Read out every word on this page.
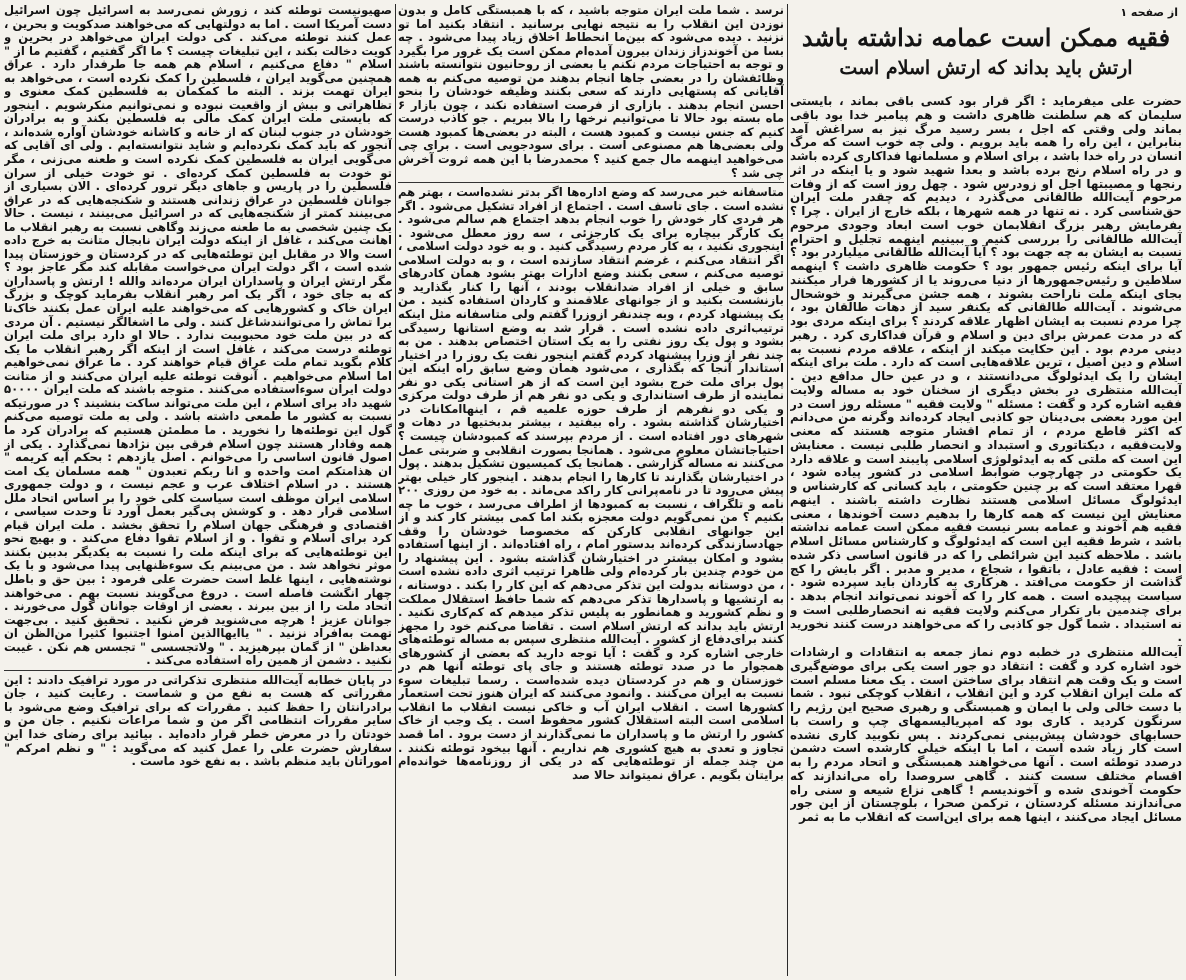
از صفحه ۱
فقیه ممکن است عمامه نداشته باشد
ارتش باید بداند که ارتش اسلام است

حضرت علی میفرماید : اگر قرار بود کسی باقی بماند ، بایستی سلیمان که هم سلطنت ظاهری داشت و هم پیامبر خدا بود باقی بماند ولی وقتی که اجل ، بسر رسید مرگ نیز به سراغش آمد بنابراین ، این راه را همه باید برویم . ولی چه خوب است که مرگ انسان در راه خدا باشد ، برای اسلام و مسلمانها فداکاری کرده باشد و در راه اسلام رنج برده باشد و بعدا شهید شود و یا اینکه در اثر رنجها و مصیبتها اجل او زودرس شود . چهل روز است که از وفات مرحوم آیت‌الله طالقانی می‌گذرد ، دیدیم که چقدر ملت ایران حق‌شناسی کرد . نه تنها در همه شهرها ، بلکه خارج از ایران . چرا ؟ بفرمایش رهبر بزرگ انقلابمان خوب است ابعاد وجودی مرحوم آیت‌الله طالقانی را بررسی کنیم و ببینیم اینهمه تجلیل و احترام نسبت به ایشان به چه جهت بود ؟ آیا آیت‌الله طالقانی میلیاردر بود ؟ آیا برای اینکه رئیس جمهور بود ؟ حکومت ظاهری داشت ؟ اینهمه سلاطین و رئیس‌جمهورها از دنیا می‌روند یا از کشورها فرار میکنند بجای اینکه ملت ناراحت بشوند ، همه جشن می‌گیرند و خوشحال می‌شوند . آیت‌الله طالقانی که یکنفر سید از دهات طالقان بود ، چرا مردم نسبت به ایشان اظهار علاقه کردند ؟ برای اینکه مردی بود که در مدت عمرش برای دین و اسلام و قرآن فداکاری کرد . رهبر دینی مردم بود . این حکایت میکند از اینکه ، علاقه مردم نسبت به اسلام و دین اصیل ، ترین علاقه‌هایی است که دارد . ملت برای اینکه ایشان را یک ایدئولوگ می‌دانستند ، و در عین حال مدافع دین . آیت‌الله منتظری در بخش دیگری از سخنان خود به مساله ولایت فقیه اشاره کرد و گفت : مسئله " ولایت فقیه " مسئله روز است در این مورد بعضی بی‌دینان جو کاذبی ایجاد کرده‌اند وگرنه من می‌دانم که اکثر قاطع مردم ، از تمام اقشار متوجه هستند که معنی ولایت‌فقیه ، دیکتاتوری و استبداد و انحصار طلبی نیست . معنایش این است که ملتی که به ایدئولوژی اسلامی پایبند است و علاقه دارد یک حکومتی در چهارچوب ضوابط اسلامی در کشور پیاده شود ، قهرا معتقد است که بر چنین حکومتی ، باید کسانی که کارشناس و ایدئولوگ مسائل اسلامی هستند نظارت داشته باشند . اینهم معنایش این نیست که همه کارها را بدهیم دست آخوندها ، معنی فقیه هم آخوند و عمامه بسر نیست فقیه ممکن است عمامه نداشته باشد ، شرط فقیه این است که ایدئولوگ و کارشناس مسائل اسلام باشد . ملاحظه کنید این شرائطی را که در قانون اساسی ذکر شده است : فقیه عادل ، باتقوا ، شجاع ، مدیر و مدبر . اگر بایش را کج گذاشت از حکومت می‌افتد . هرکاری به کاردان باید سپرده شود . سیاست پیچیده است . همه کار را که آخوند نمی‌تواند انجام بدهد . برای چندمین بار تکرار می‌کنم ولایت فقیه نه انحصارطلبی است و نه استبداد . شما گول جو کاذبی را که می‌خواهند درست کنند نخورید .

آیت‌الله منتظری در خطبه دوم نماز جمعه به انتقادات و ارشادات خود اشاره کرد و گفت : انتقاد دو جور است یکی برای موضع‌گیری است و یک وقت هم انتقاد برای ساختن است . یک معنا مسلم است که ملت ایران انقلاب کرد و این انقلاب ، انقلاب کوچکی نبود . شما با دست خالی ولی با ایمان و همبستگی و رهبری صحیح این رژیم را سرنگون کردید . کاری بود که امپریالیسمهای چپ و راست با حسابهای خودشان پیش‌بینی نمی‌کردند . پس نکوبید کاری نشده است کار زیاد شده است ، اما با اینکه خیلی کارشده است دشمن درصدد توطئه است . آنها می‌خواهند همبستگی و اتحاد مردم را به اقسام مختلف سست کنند . گاهی سروصدا راه می‌اندازند که حکومت آخوندی شده و آخوندیسم ! گاهی نزاع شیعه و سنی راه می‌اندازند مسئله کردستان ، ترکمن صحرا ، بلوچستان از این جور مسائل ایجاد می‌کنند ، اینها همه برای این‌است که انقلاب ما به ثمر

نرسد . شما ملت ایران متوجه باشید ، که با همبستگی کامل و بدون نوزدن این انقلاب را به نتیجه نهایی برسانید . انتقاد بکنید اما تو نزنید . دیده می‌شود که بین‌ما انحطاط اخلاق زیاد پیدا می‌شود . چه بسا من آخوندزاز زندان بیرون آمده‌ام ممکن است یک غرور مرا بگیرد و توجه به احتیاجات مردم نکنم یا بعضی از روحانیون نتوانسته باشند وظائفشان را در بعضی جاها انجام بدهند من توصیه می‌کنم به همه آقایانی که پستهایی دارند که سعی بکنند وظیفه خودشان را بنحو احسن انجام بدهند . بازاری از فرصت استفاده نکند ، چون بازار ۶ ماه بسته بود حالا تا می‌توانیم نرخها را بالا ببریم . جو کاذب درست کنیم که جنس نیست و کمبود هست ، البته در بعضی‌ها کمبود هست ولی بعضی‌ها هم مصنوعی است . برای سودجویی است . برای چی می‌خواهید اینهمه مال جمع کنید ؟ محمدرضا با این همه ثروت آخرش چی شد ؟

متاسفانه خبر می‌رسد که وضع اداره‌ها اگر بدتر نشده‌است ، بهتر هم نشده است . جای تاسف است . اجتماع از افراد تشکیل می‌شود . اگر هر فردی کار خودش را خوب انجام بدهد اجتماع هم سالم می‌شود . یک کارگر بیچاره برای یک کارجزئی ، سه روز معطل می‌شود . اینجوری نکنید ، به کار مردم رسیدگی کنید . و به خود دولت اسلامی ، اگر انتقاد می‌کنم ، غرضم انتقاد سازنده است ، و به دولت اسلامی توصیه می‌کنم ، سعی بکنند وضع ادارات بهتر بشود همان کادرهای سابق و خیلی از افراد ضدانقلاب بودند ، آنها را کنار بگذارید و بازنشست بکنید و از جوانهای علاقمند و کاردان استفاده کنید . من یک پیشنهاد کردم ، وبه چندنفر ازوزرا گفتم ولی متاسفانه مثل اینکه ترتیب‌اثری داده نشده است . قرار شد به وضع استانها رسیدگی بشود و پول یک روز نفتی را به یک استان اختصاص بدهند . من به چند نفر از وزرا پیشنهاد کردم گفتم اینجور نفت یک روز را در اختیار استاندار آنجا که بگذاری ، می‌شود همان وضع سابق راه اینکه این پول برای ملت خرج بشود این است که از هر استانی یکی دو نفر نماینده از طرف استانداری و یکی دو نفر هم از طرف دولت مرکزی و یکی دو نفرهم از طرف حوزه علمیه قم ، اینهاامکانات در اختیارشان گذاشته بشود . راه بیفتید ، بیشتر بدبختیها در دهات و شهرهای دور افتاده است . از مردم بپرسند که کمبودشان چیست ؟ احتیاجاتشان معلوم می‌شود . همانجا بصورت انقلابی و ضربتی عمل می‌کنند نه مساله گزارشی . همانجا یک کمیسیون تشکیل بدهند . پول در اختیارشان بگذارند تا کارها را انجام بدهند . اینجور کار خیلی بهتر پیش می‌رود تا در نامه‌پرانی کار راکد می‌ماند . به خود من روزی ۲۰۰ نامه و تلگراف ، نسبت به کمبودها از اطراف می‌رسد ، خوب ما چه بکنیم ؟ من نمی‌گویم دولت معجزه بکند اما کمی بیشتر کار کند و از این جوانهای انقلابی کارکن که مخصوصا خودشان را وقف جهادسازندگی کرده‌اند بدستور امام ، راه افتاده‌اند . از اینها استفاده بشود و امکان بیشتر در اختیارشان گذاشته بشود . این پیشنهاد را من خودم چندین بار کرده‌ام ولی ظاهرا ترتیب اثری داده نشده است ، من دوستانه بدولت این تذکر می‌دهم که این کار را بکند . دوستانه ، به ارتشیها و پاسدارها تذکر می‌دهم که شما حافظ استقلال مملکت و نظم کشورید و همانطور به پلیس تذکر میدهم که کم‌کاری نکنید . ارتش باید بداند که ارتش اسلام است . تقاضا می‌کنم خود را مجهز کنند برای‌دفاع از کشور . آیت‌الله منتظری سپس به مساله توطئه‌های خارجی اشاره کرد و گفت : آیا توجه دارید که بعضی از کشورهای همجوار ما در صدد توطئه هستند و جای پای توطئه آنها هم در خوزستان و هم در کردستان دیده شده‌است . رسما تبلیغات سوء نسبت به ایران می‌کنند . وانمود می‌کنند که ایران هنوز تحت استعمار کشورها است . انقلاب ایران آب و خاکی نیست انقلاب ما انقلاب اسلامی است البته استقلال کشور محفوظ است . یک وجب از خاک کشور را ارتش ما و پاسداران ما نمی‌گذارند از دست برود . اما قصد تجاوز و تعدی به هیچ کشوری هم نداریم . آنها بیخود توطئه نکنند . من چند جمله از توطئه‌هایی که در یکی از روزنامه‌ها خوانده‌ام برایتان بگویم . عراق نمیتواند حالا صد

صهیونیست توطئه کند ، زورش نمی‌رسد به اسرائیل چون اسرائیل دست آمریکا است . اما به دولتهایی که می‌خواهند صدکویت و بحرین ، عمل کنند توطئه می‌کند . کی دولت ایران می‌خواهد در بحرین و کویت دخالت بکند ، این تبلیغات چیست ؟ ما اگر گفتیم ، گفتیم ما از " اسلام " دفاع می‌کنیم ، اسلام هم همه جا طرفدار دارد . عراق همچنین می‌گوید ایران ، فلسطین را کمک نکرده است ، می‌خواهد به ایران تهمت بزند . البته ما کمکمان به فلسطین کمک معنوی و تظاهراتی و بیش از واقعیت نبوده و نمی‌توانیم منکرشویم . اینجور که بایستی ملت ایران کمک مالی به فلسطین بکند و به برادران خودشان در جنوب لبنان که از خانه و کاشانه خودشان آواره شده‌اند ، آنجور که باید کمک نکرده‌ایم و شاید نتوانسته‌ایم . ولی ای آقایی که می‌گویی ایران به فلسطین کمک نکرده است و طعنه می‌زنی ، مگر تو خودت به فلسطین کمک کرده‌ای . تو خودت خیلی از سران فلسطین را در پاریس و جاهای دیگر ترور کرده‌ای . الان بسیاری از جوانان فلسطین در عراق زندانی هستند و شکنجه‌هایی که در عراق می‌بینند کمتر از شکنجه‌هایی که در اسرائیل می‌بینند ، نیست . حالا یک چنین شخصی به ما طعنه می‌زند وگاهی نسبت به رهبر انقلاب ما اهانت می‌کند ، غافل از اینکه دولت ایران نابجال متانت به خرج داده است والا در مقابل این توطئه‌هایی که در کردستان و خوزستان پیدا شده است ، اگر دولت ایران می‌خواست مقابله کند مگر عاجز بود ؟ مگر ارتش ایران و پاسداران ایران مرده‌اند والله ! ارتش و پاسداران که به جای خود ، اگر یک امر رهبر انقلاب بفرماید کوچک و بزرگ ایران خاک و کشورهایی که می‌خواهند علیه ایران عمل بکنند خاک‌تا برا تماش را می‌توانندشاغل کنند . ولی ما اشغالگر نیستیم . آن مردی که در بین ملت خود محبوبیت ندارد . حالا او دارد برای ملت ایران توطئه درست می‌کند ، غافل است از اینکه اگر رهبر انقلاب ما یک کلام بگوید تمام ملت عراق قیام خواهند کرد . ما عراق نمی‌خواهیم اما اسلام می‌خواهیم . آنوقت توطئه علیه ایران می‌کنند و از متانت دولت ایران سوءاستفاده می‌کنند . متوجه باشند که ملت ایران ۵۰۰۰۰ شهید داد برای اسلام ، این ملت می‌تواند ساکت بنشیند ؟ در صورتیکه نسبت به کشور ما طمعی داشته باشد . ولی به ملت توصیه می‌کنم گول این توطئه‌ها را نخورید . ما مطمئن هستیم که برادران کرد ما همه وفادار هستند چون اسلام فرقی بین نژادها نمی‌گذارد . یکی از اصول قانون اساسی را می‌خوانم . اصل یازدهم : بحکم آیه کریمه " ان هذامتکم امت واحده و انا ربکم تعبدون " همه مسلمان یک امت هستند . در اسلام اختلاف عرب و عجم نیست ، و دولت جمهوری اسلامی ایران موظف است سیاست کلی خود را بر اساس اتحاد ملل اسلامی قرار دهد . و کوشش پی‌گیر بعمل آورد تا وحدت سیاسی ، اقتصادی و فرهنگی جهان اسلام را تحقق بخشد . ملت ایران قیام کرد برای اسلام و تقوا . و از اسلام تقوا دفاع می‌کند . و بهیچ نحو این توطئه‌هایی که برای اینکه ملت را نسبت به یکدیگر بدبین بکنند موثر نخواهد شد . من می‌بینم یک سوءظنهایی پیدا می‌شود و با یک نوشته‌هایی ، اینها غلط است حضرت علی فرمود : بین حق و باطل چهار انگشت فاصله است . دروغ می‌گویند نسبت بهم . می‌خواهند اتحاد ملت را از بین ببرند . بعضی از اوقات جوانان گول می‌خورند . جوانان عزیز ! هرچه می‌شنوید فرض نکنید . تحقیق کنید . بی‌جهت تهمت به‌افراد نزنید . " یاایهاالذین امنوا اجتنبوا کثیرا من‌الظن ان بعداظن " از گمان بپرهیزید . " ولاتجسسی " تجسس هم نکن . غیبت نکنید . دشمن از همین راه استفاده می‌کند .

در پایان خطابه آیت‌الله منتظری تذکراتی در مورد ترافیک دادند : این مقرراتی که هست به نفع من و شماست . رعایت کنید ، جان برادرانتان را حفظ کنید . مقررات که برای ترافیک وضع می‌شود با سایر مقررات انتظامی اگر من و شما مراعات نکنیم . جان من و خودتان را در معرض خطر قرار داده‌اید . بیائید برای رضای خدا این سفارش حضرت علی را عمل کنید که می‌گوید : " و نظم امرکم " اموراتان باید منظم باشد . به نفع خود ماست .
